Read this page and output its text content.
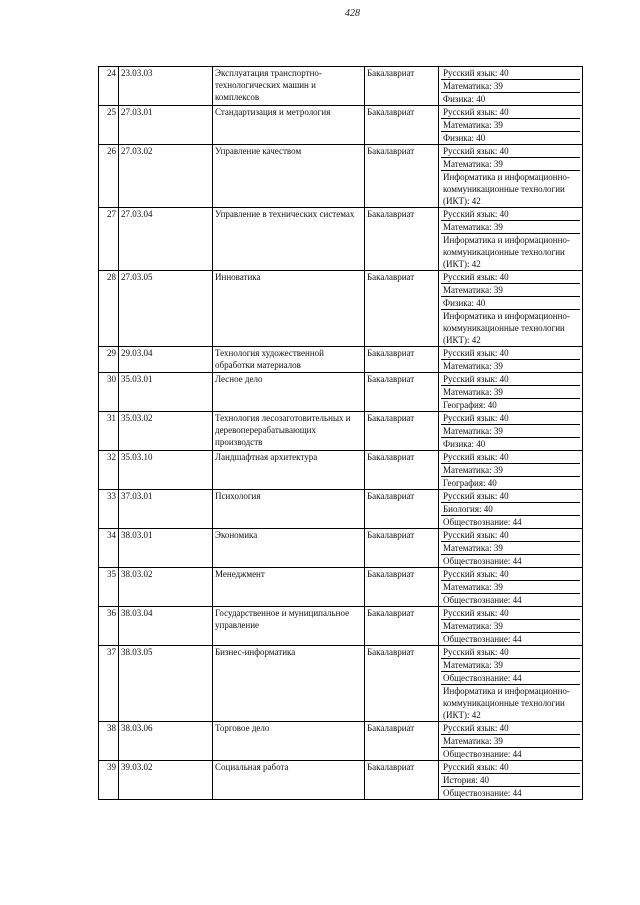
428
24	23.03.03	Эксплуатация транспортно-технологических машин и комплексов	Бакалавриат	Русский язык: 40
Математика: 39
Физика: 40

25	27.03.01	Стандартизация и метрология	Бакалавриат	Русский язык: 40
Математика: 39
Физика: 40

26	27.03.02	Управление качеством	Бакалавриат	Русский язык: 40
Математика: 39
Информатика и информационно-коммуникационные технологии (ИКТ): 42

27	27.03.04	Управление в технических системах	Бакалавриат	Русский язык: 40
Математика: 39
Информатика и информационно-коммуникационные технологии (ИКТ): 42

28	27.03.05	Инноватика	Бакалавриат	Русский язык: 40
Математика: 39
Физика: 40
Информатика и информационно-коммуникационные технологии (ИКТ): 42

29	29.03.04	Технология художественной обработки материалов	Бакалавриат	Русский язык: 40
Математика: 39

30	35.03.01	Лесное дело	Бакалавриат	Русский язык: 40
Математика: 39
География: 40

31	35.03.02	Технология лесозаготовительных и деревоперерабатывающих производств	Бакалавриат	Русский язык: 40
Математика: 39
Физика: 40

32	35.03.10	Ландшафтная архитектура	Бакалавриат	Русский язык: 40
Математика: 39
География: 40

33	37.03.01	Психология	Бакалавриат	Русский язык: 40
Биология: 40
Обществознание: 44

34	38.03.01	Экономика	Бакалавриат	Русский язык: 40
Математика: 39
Обществознание: 44

35	38.03.02	Менеджмент	Бакалавриат	Русский язык: 40
Математика: 39
Обществознание: 44

36	38.03.04	Государственное и муниципальное управление	Бакалавриат	Русский язык: 40
Математика: 39
Обществознание: 44

37	38.03.05	Бизнес-информатика	Бакалавриат	Русский язык: 40
Математика: 39
Обществознание: 44
Информатика и информационно-коммуникационные технологии (ИКТ): 42

38	38.03.06	Торговое дело	Бакалавриат	Русский язык: 40
Математика: 39
Обществознание: 44

39	39.03.02	Социальная работа	Бакалавриат	Русский язык: 40
История: 40
Обществознание: 44
